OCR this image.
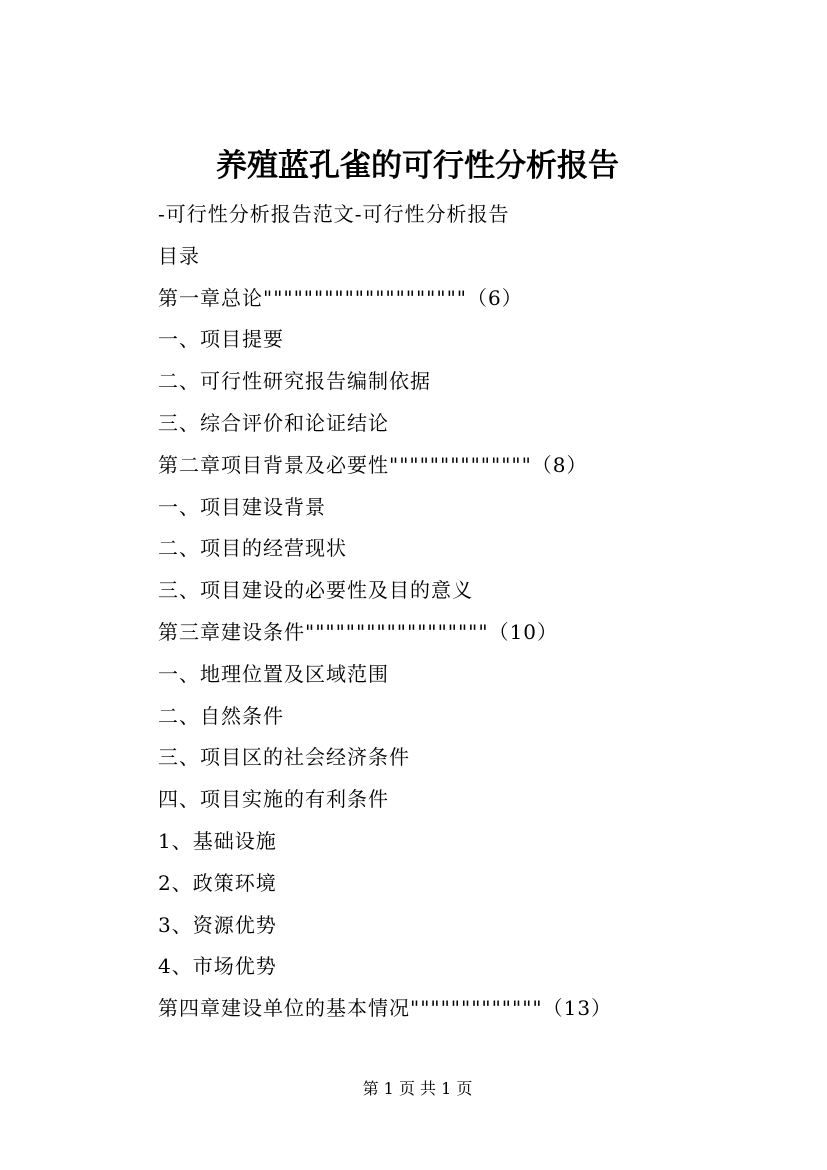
养殖蓝孔雀的可行性分析报告
-可行性分析报告范文-可行性分析报告
目录
第一章总论""""""""""""""""""""（6）
一、项目提要
二、可行性研究报告编制依据
三、综合评价和论证结论
第二章项目背景及必要性""""""""""""""（8）
一、项目建设背景
二、项目的经营现状
三、项目建设的必要性及目的意义
第三章建设条件""""""""""""""""""（10）
一、地理位置及区域范围
二、自然条件
三、项目区的社会经济条件
四、项目实施的有利条件
1、基础设施
2、政策环境
3、资源优势
4、市场优势
第四章建设单位的基本情况"""""""""""""（13）
第 1 页 共 1 页
